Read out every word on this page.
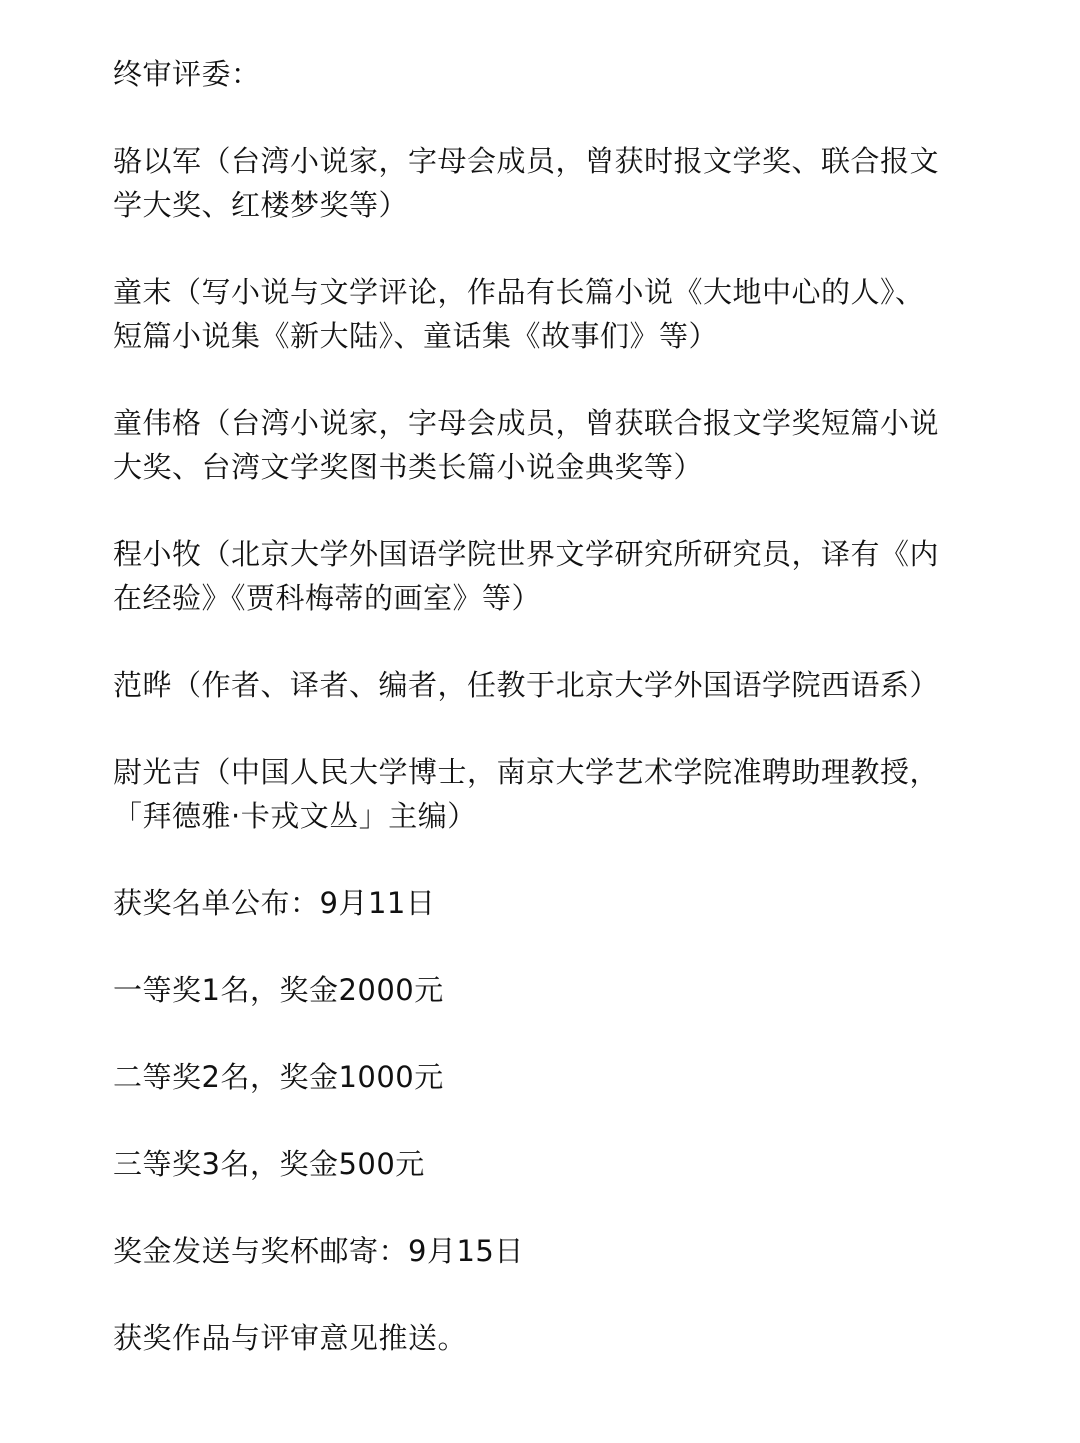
终审评委：

骆以军（台湾小说家，字母会成员，曾获时报文学奖、联合报文
学大奖、红楼梦奖等）
童末（写小说与文学评论，作品有长篇小说《大地中心的人》、
短篇小说集《新大陆》、童话集《故事们》等）
童伟格（台湾小说家，字母会成员，曾获联合报文学奖短篇小说
大奖、台湾文学奖图书类长篇小说金典奖等）
程小牧（北京大学外国语学院世界文学研究所研究员，译有《内
在经验》《贾科梅蒂的画室》等）
范晔（作者、译者、编者，任教于北京大学外国语学院西语系）
尉光吉（中国人民大学博士，南京大学艺术学院准聘助理教授，
「拜德雅·卡戎文丛」主编）

获奖名单公布：9月11日

一等奖1名，奖金2000元

二等奖2名，奖金1000元

三等奖3名，奖金500元

奖金发送与奖杯邮寄：9月15日

获奖作品与评审意见推送。
